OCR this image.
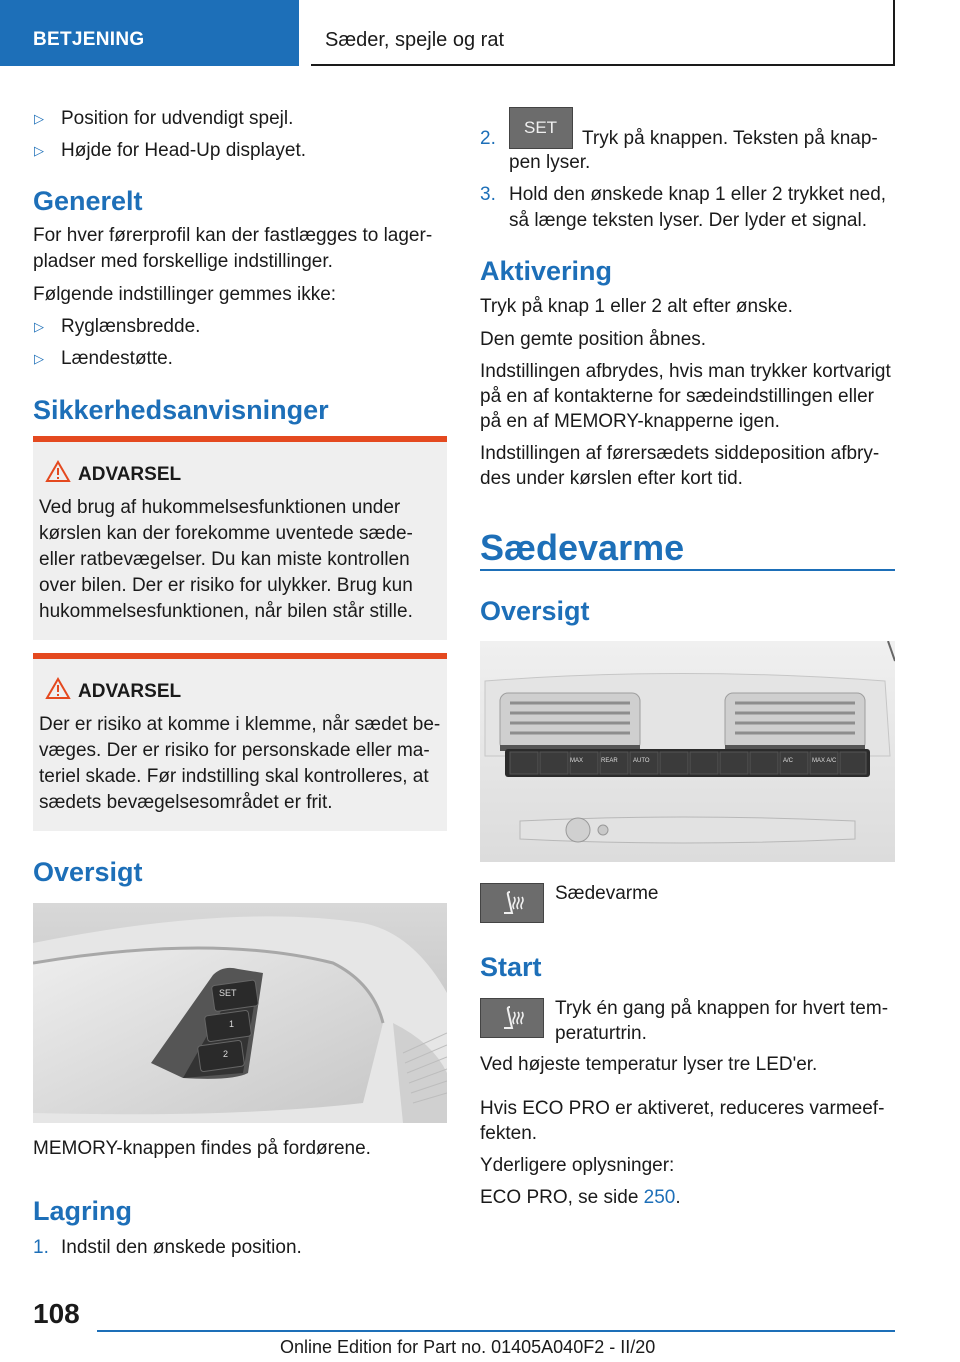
BETJENING	Sæder, spejle og rat
▷ Position for udvendigt spejl.
▷ Højde for Head-Up displayet.
Generelt
For hver førerprofil kan der fastlægges to lager-
pladser med forskellige indstillinger.
Følgende indstillinger gemmes ikke:
▷ Ryglænsbredde.
▷ Lændestøtte.
Sikkerhedsanvisninger
ADVARSEL
Ved brug af hukommelsesfunktionen under
kørslen kan der forekomme uventede sæde-
eller ratbevægelser. Du kan miste kontrollen
over bilen. Der er risiko for ulykker. Brug kun
hukommelsesfunktionen, når bilen står stille.
ADVARSEL
Der er risiko at komme i klemme, når sædet be-
væges. Der er risiko for personskade eller ma-
teriel skade. Før indstilling skal kontrolleres, at
sædets bevægelsesområdet er frit.
Oversigt
SET
1
2
MEMORY-knappen findes på fordørene.
Lagring
1. Indstil den ønskede position.
2.
SET
Tryk på knappen. Teksten på knap-
pen lyser.
3. Hold den ønskede knap 1 eller 2 trykket ned,
så længe teksten lyser. Der lyder et signal.
Aktivering
Tryk på knap 1 eller 2 alt efter ønske.
Den gemte position åbnes.
Indstillingen afbrydes, hvis man trykker kortvarigt
på en af kontakterne for sædeindstillingen eller
på en af MEMORY-knapperne igen.
Indstillingen af førersædets siddeposition afbry-
des under kørslen efter kort tid.
Sædevarme
Oversigt
MAX	REAR	AUTO	A/C	MAX A/C
Sædevarme
Start
Tryk én gang på knappen for hvert tem-
peraturtrin.
Ved højeste temperatur lyser tre LED'er.
Hvis ECO PRO er aktiveret, reduceres varmeef-
fekten.
Yderligere oplysninger:
ECO PRO, se side 250.
108
Online Edition for Part no. 01405A040F2 - II/20
